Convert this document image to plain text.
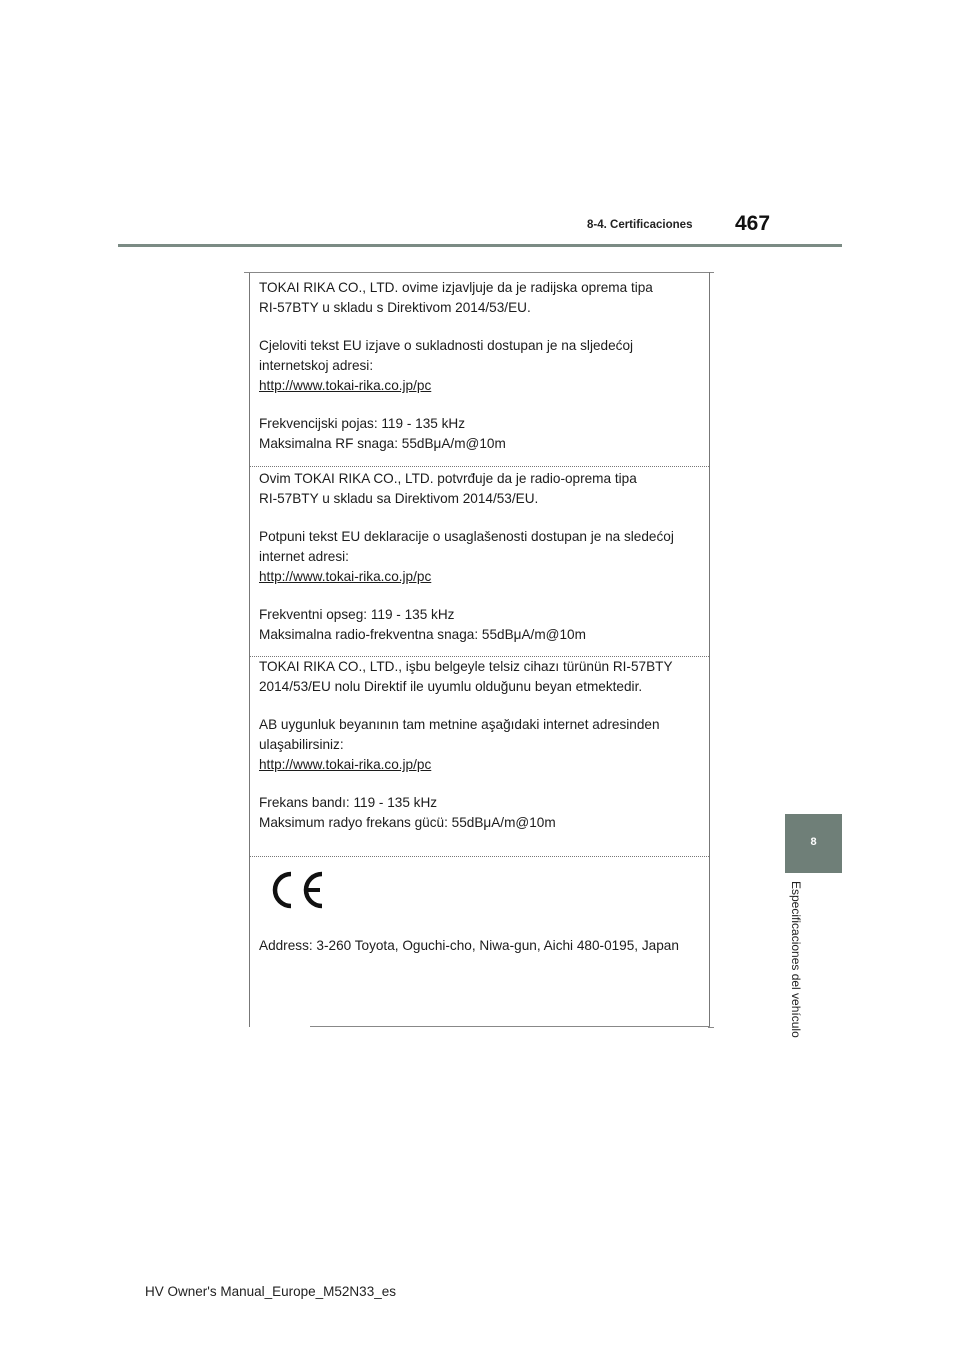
8-4. Certificaciones 467
8
Especificaciones del vehículo

TOKAI RIKA CO., LTD. ovime izjavljuje da je radijska oprema tipa

RI-57BTY u skladu s Direktivom 2014/53/EU.

Cjeloviti tekst EU izjave o sukladnosti dostupan je na sljedećoj

internetskoj adresi:

http://www.tokai-rika.co.jp/pc

Frekvencijski pojas: 119 - 135 kHz

Maksimalna RF snaga: 55dBμA/m@10m

Ovim TOKAI RIKA CO., LTD. potvrđuje da je radio-oprema tipa

RI-57BTY u skladu sa Direktivom 2014/53/EU.

Potpuni tekst EU deklaracije o usaglašenosti dostupan je na sledećoj

internet adresi:

http://www.tokai-rika.co.jp/pc

Frekventni opseg: 119 - 135 kHz

Maksimalna radio-frekventna snaga: 55dBμA/m@10m

TOKAI RIKA CO., LTD., işbu belgeyle telsiz cihazı türünün RI-57BTY

2014/53/EU nolu Direktif ile uyumlu olduğunu beyan etmektedir.

AB uygunluk beyanının tam metnine aşağıdaki internet adresinden

ulaşabilirsiniz:

http://www.tokai-rika.co.jp/pc

Frekans bandı: 119 - 135 kHz

Maksimum radyo frekans gücü: 55dBμA/m@10m

Address: 3-260 Toyota, Oguchi-cho, Niwa-gun, Aichi 480-0195, Japan
HV Owner's Manual_Europe_M52N33_es
